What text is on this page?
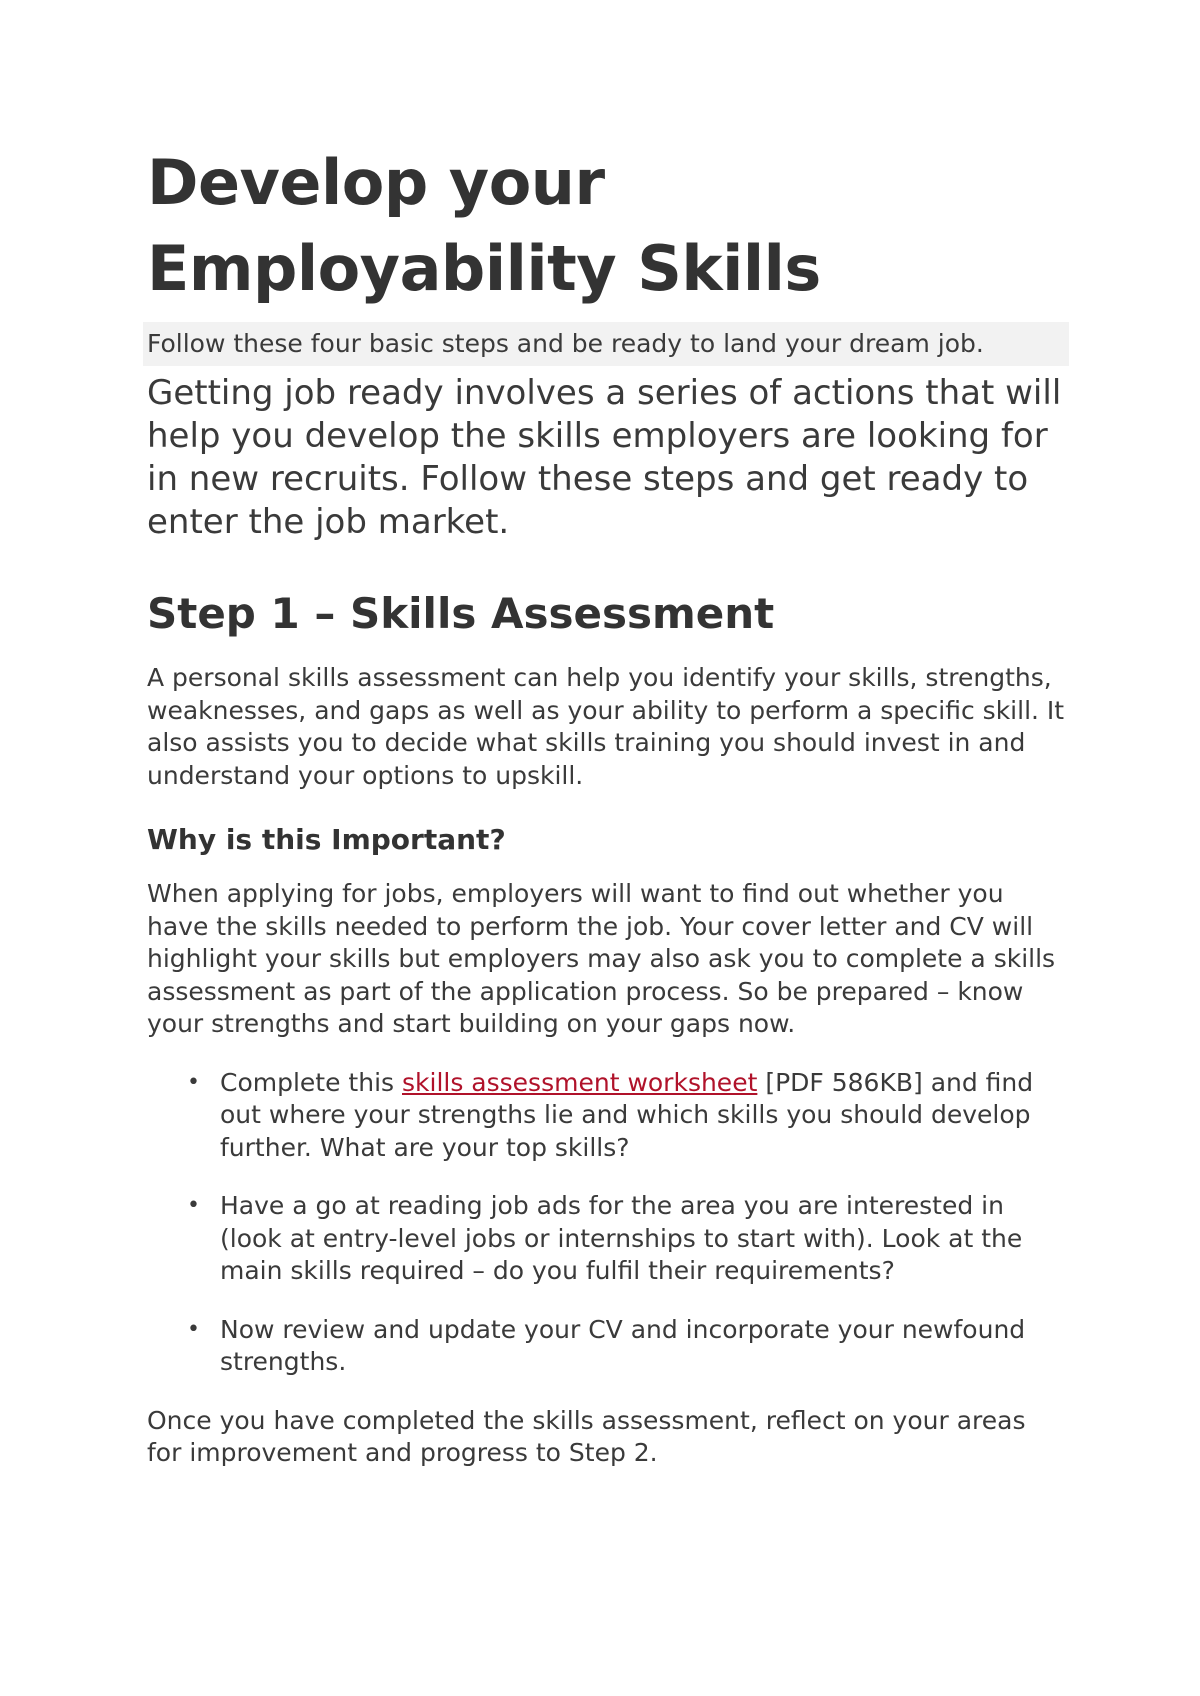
Develop your Employability Skills
Follow these four basic steps and be ready to land your dream job.

Getting job ready involves a series of actions that will help you develop the skills employers are looking for in new recruits. Follow these steps and get ready to enter the job market.

Step 1 – Skills Assessment

A personal skills assessment can help you identify your skills, strengths, weaknesses, and gaps as well as your ability to perform a specific skill. It also assists you to decide what skills training you should invest in and understand your options to upskill.

Why is this Important?

When applying for jobs, employers will want to find out whether you have the skills needed to perform the job. Your cover letter and CV will highlight your skills but employers may also ask you to complete a skills assessment as part of the application process. So be prepared – know your strengths and start building on your gaps now.

• Complete this skills assessment worksheet [PDF 586KB] and find out where your strengths lie and which skills you should develop further. What are your top skills?
• Have a go at reading job ads for the area you are interested in (look at entry-level jobs or internships to start with). Look at the main skills required – do you fulfil their requirements?
• Now review and update your CV and incorporate your newfound strengths.

Once you have completed the skills assessment, reflect on your areas for improvement and progress to Step 2.
